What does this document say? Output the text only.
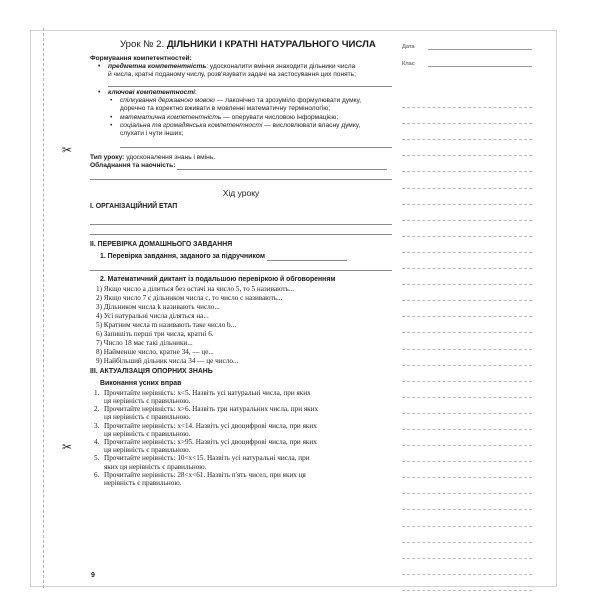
✂
✂
Урок № 2. ДІЛЬНИКИ І КРАТНІ НАТУРАЛЬНОГО ЧИСЛА
Формування компетентностей:
• предметна компетентність: удосконалити вміння знаходити дільники числа
й числа, кратні поданому числу, розв'язувати задачі на застосування цих понять;
• ключові компетентності:
• спілкування державною мовою — лаконічно та зрозуміло формулювати думку,
доречно та коректно вживати в мовленні математичну термінологію;
• математична компетентність — оперувати числовою інформацією;
• соціальна та громадянська компетентності — висловлювати власну думку,
слухати і чути інших;
Тип уроку: удосконалення знань і вмінь.
Обладнання та наочність:
Хід уроку
I. ОРГАНІЗАЦІЙНИЙ ЕТАП
II. ПЕРЕВІРКА ДОМАШНЬОГО ЗАВДАННЯ
1. Перевірка завдання, заданого за підручником
2. Математичний диктант із подальшою перевіркою й обговоренням
1) Якщо число a ділиться без остачі на число 5, то 5 називають...
2) Якщо число 7 є дільником числа c, то число c називають...
3) Дільником числа k називають число...
4) Усі натуральні числа діляться на...
5) Кратним числа m називають таке число b...
6) Запишіть перші три числа, кратні 6.
7) Число 18 має такі дільники...
8) Найменше число, кратне 34, — це...
9) Найбільший дільник числа 34 — це число...
III. АКТУАЛІЗАЦІЯ ОПОРНИХ ЗНАНЬ
Виконання усних вправ
1. Прочитайте нерівність: x<5. Назвіть усі натуральні числа, при яких
ця нерівність є правильною.
2. Прочитайте нерівність: x>6. Назвіть три натуральних числа, при яких
ця нерівність є правильною.
3. Прочитайте нерівність: x<14. Назвіть усі двоцифрові числа, при яких
ця нерівність є правильною.
4. Прочитайте нерівність: x>95. Назвіть усі двоцифрові числа, при яких
ця нерівність є правильною.
5. Прочитайте нерівність: 10<x<15. Назвіть усі натуральні числа, при
яких ця нерівність є правильною.
6. Прочитайте нерівність: 28<x<61. Назвіть п'ять чисел, при яких ця
нерівність є правильною.
Дата
Клас
9
